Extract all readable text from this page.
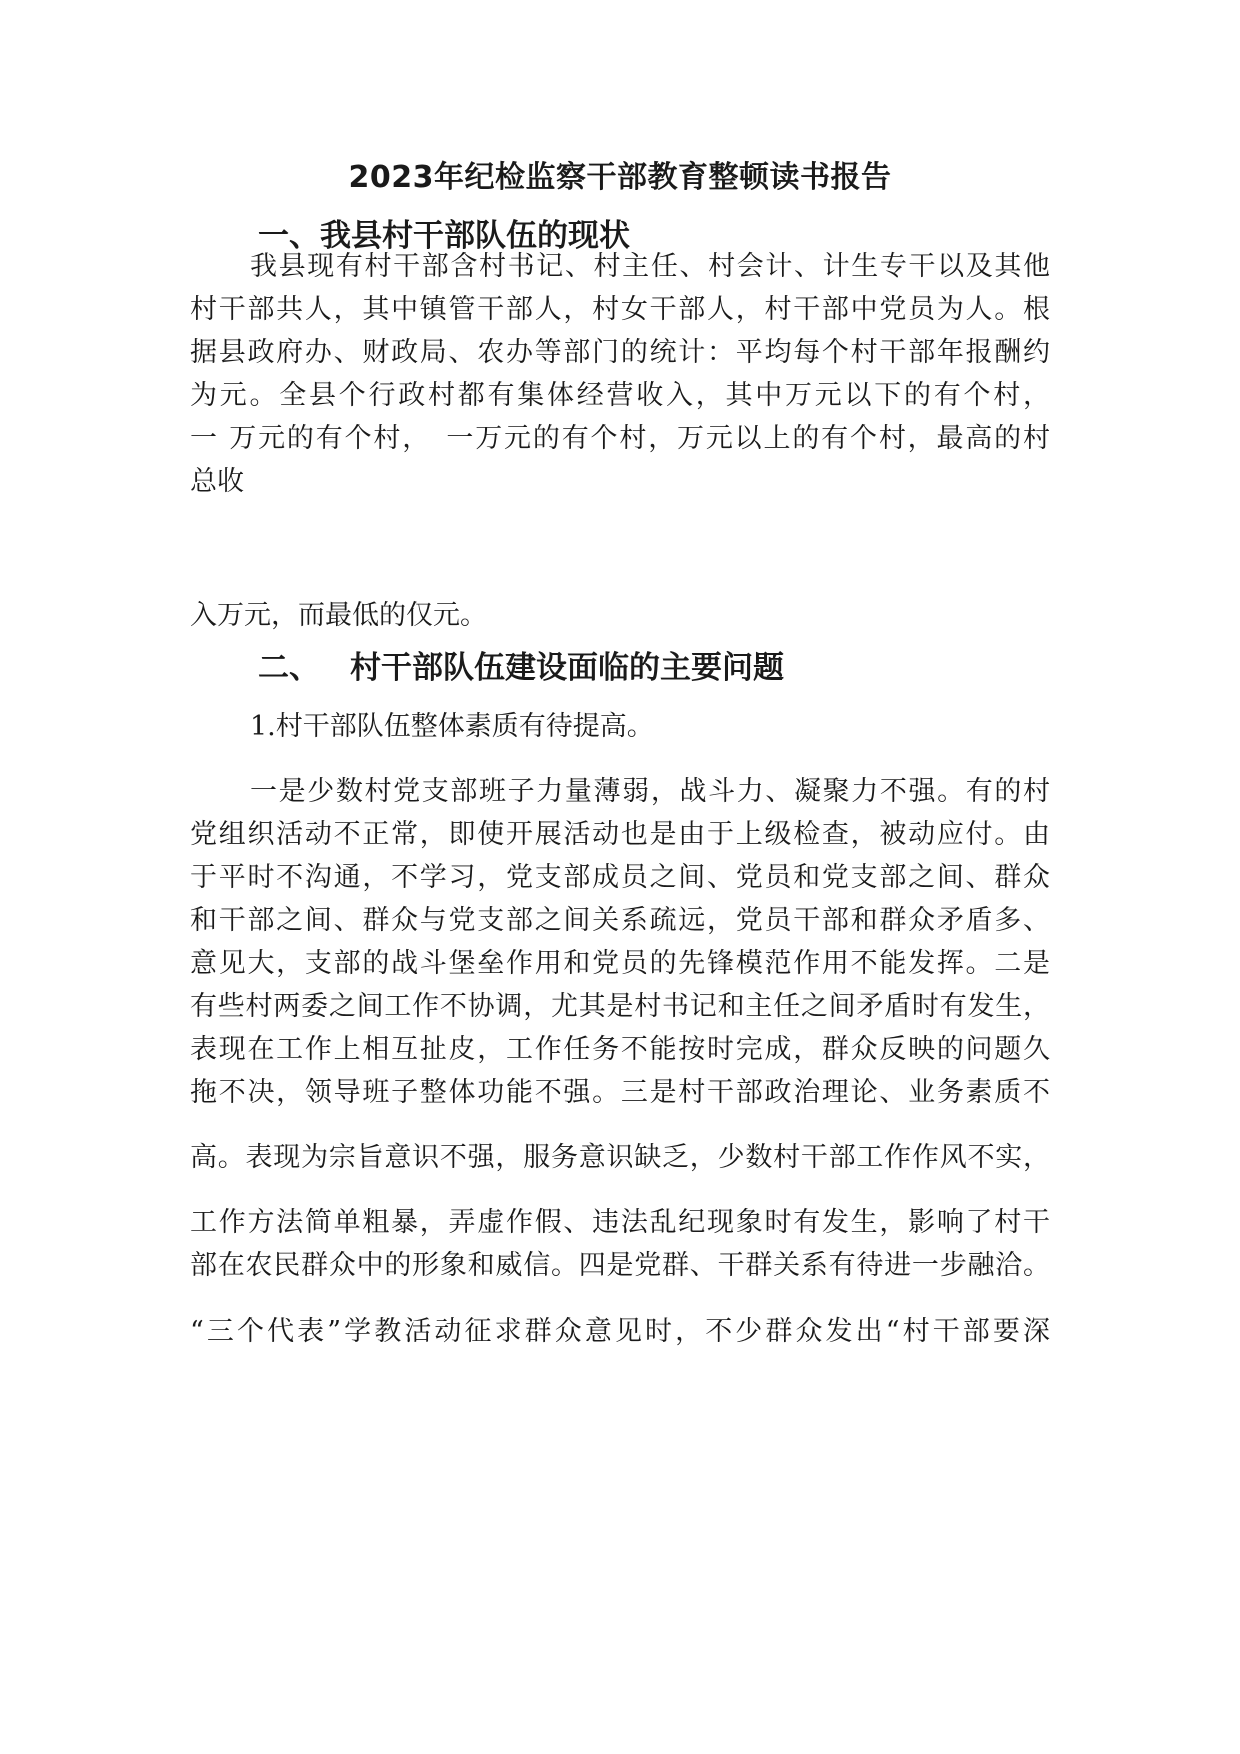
2023年纪检监察干部教育整顿读书报告
一、我县村干部队伍的现状
我县现有村干部含村书记、村主任、村会计、计生专干以及其他
村干部共人，其中镇管干部人，村女干部人，村干部中党员为人。根
据县政府办、财政局、农办等部门的统计：平均每个村干部年报酬约
为元。全县个行政村都有集体经营收入，其中万元以下的有个村，
一 万元的有个村，　一万元的有个村，万元以上的有个村，最高的村
总收
入万元，而最低的仅元。
二、 村干部队伍建设面临的主要问题
1.村干部队伍整体素质有待提高。
一是少数村党支部班子力量薄弱，战斗力、凝聚力不强。有的村
党组织活动不正常，即使开展活动也是由于上级检查，被动应付。由
于平时不沟通，不学习，党支部成员之间、党员和党支部之间、群众
和干部之间、群众与党支部之间关系疏远，党员干部和群众矛盾多、
意见大，支部的战斗堡垒作用和党员的先锋模范作用不能发挥。二是
有些村两委之间工作不协调，尤其是村书记和主任之间矛盾时有发生，
表现在工作上相互扯皮，工作任务不能按时完成，群众反映的问题久
拖不决，领导班子整体功能不强。三是村干部政治理论、业务素质不
高。表现为宗旨意识不强，服务意识缺乏，少数村干部工作作风不实，
工作方法简单粗暴，弄虚作假、违法乱纪现象时有发生，影响了村干
部在农民群众中的形象和威信。四是党群、干群关系有待进一步融洽。
“三个代表”学教活动征求群众意见时，不少群众发出“村干部要深
